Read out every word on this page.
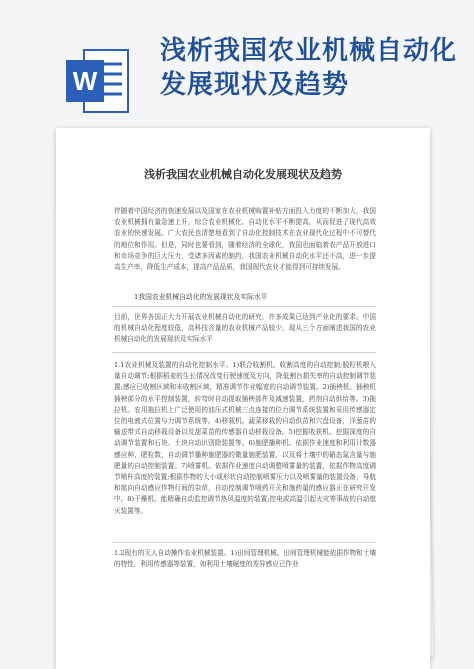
浅析我国农业机械自动化发展现状及趋势
W
浅析我国农业机械自动化发展现状及趋势

伴随着中国经济的快速发展以及国家在农业机械购置补贴方面投入力度的不断加大，我国农业机械拥有量急速上升，综合农业机械化、自动化水平不断提高，从而促进了现代高效农业的快速发展。广大农民也清楚地看到了自动化控制技术在农业现代化过程中不可替代的地位和作用。但是，同时也要看到，随着经济的全球化，我国也面临着农产品开放进口和市场竞争的巨大压力，受诸多因素的制约，我国农业机械自动化水平还不高，进一步提高生产率，降低生产成本，提高产品品质，我国现代农业才能得到可持续发展。

1我国农业机械自动化的发展现状及实际水平

目前，世界各国正大力开展农业机械自动化的研究，许多成果已达到产业化的要求。中国的机械自动化程度较低，高科技含量的农业机械产品较少，现从三个方面阐述我国的农业机械自动化的发展现状及实际水平

1.1农业机械及装置的自动化控制水平。1)联合收割机。收割高度的自动控制;脱粒机喂入量自动调节;根据稻麦的生长情况改变行驶速度及方向，降低割台损失率的自动控制调节装置;感应已收割区域和未收割区域，精准调节作业幅宽的自动调节装置。2)插秧机。插秧机插秧部分的水平控制装置，转弯时自动提取插秧部件及减速装置，药剂自动供给等。3)拖拉机。农用拖拉机上广泛使用的油压式机械三点连接的位力调节系统装置和采用传感器定位的电液式位置与力调节系统等。4)移栽机。蔬菜移栽的自动供苗和穴盘设备，洋葱苗的输送带式自动移栽设备以及甜菜苗的传感器自动移栽设备。5)挖掘收获机。挖掘深度的自动调节装置和石块、土块自动识别除装置等。6)施肥播种机。依据作业速度和利用计数器感应种、肥粒数，自动调节播种施肥器的微量施肥装置，以及将土壤中的硝态氮含量与施肥量的自动控制装置。7)喷雾机。依据作业速度自动调整喷雾量的装置，依据作物高度调节喷杆高度的装置;根据作物的大小或形状自动控制喷雾压力以及喷雾量的装置设备，导航和航向自动感应作物行间的杂草，自动控制调节喷药开关和施药量的感应器正在研究开发中。8)干燥机。能精确自动监控调节热风温度的装置;控电或高温引起火灾等事故的自动熄灭装置等。

1.2现有的无人自动操作农业机械装置。1)田间管理机械。田间管理机械能依据作物和土壤的特性，利用传感器等装置，如利用土壤硬度的差异感应已作业
